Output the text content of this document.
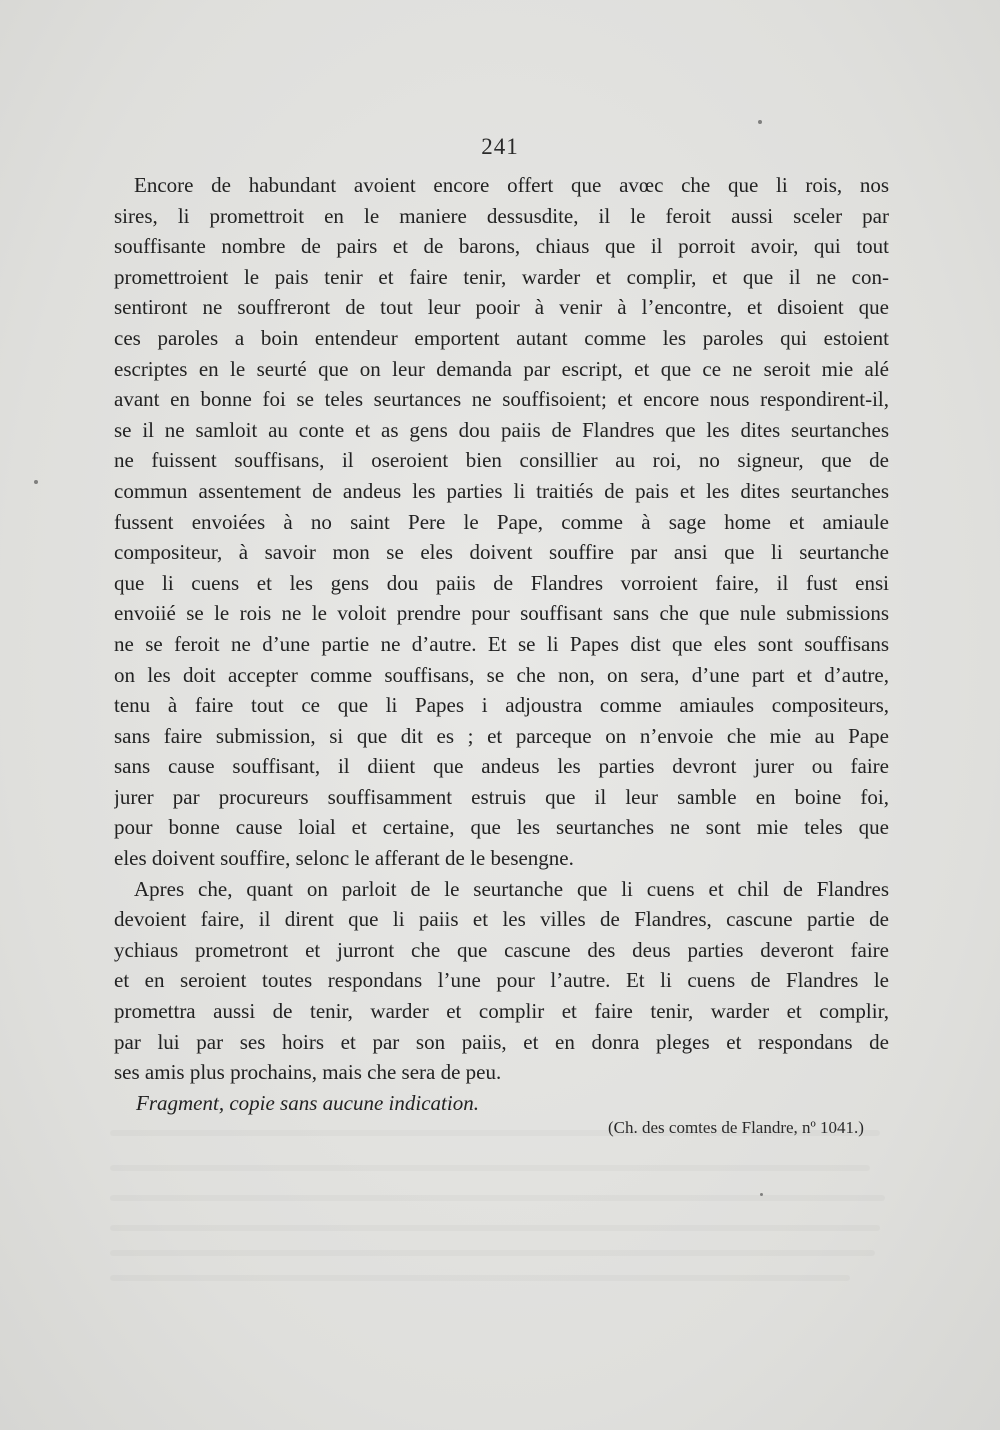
241
Encore de habundant avoient encore offert que avœc che que li rois, nos
sires, li promettroit en le maniere dessusdite, il le feroit aussi sceler par
souffisante nombre de pairs et de barons, chiaus que il porroit avoir, qui tout
promettroient le pais tenir et faire tenir, warder et complir, et que il ne con-
sentiront ne souffreront de tout leur pooir à venir à l’encontre, et disoient que
ces paroles a boin entendeur emportent autant comme les paroles qui estoient
escriptes en le seurté que on leur demanda par escript, et que ce ne seroit mie alé
avant en bonne foi se teles seurtances ne souffisoient; et encore nous respondirent-il,
se il ne samloit au conte et as gens dou paiis de Flandres que les dites seurtanches
ne fuissent souffisans, il oseroient bien consillier au roi, no signeur, que de
commun assentement de andeus les parties li traitiés de pais et les dites seurtanches
fussent envoiées à no saint Pere le Pape, comme à sage home et amiaule
compositeur, à savoir mon se eles doivent souffire par ansi que li seurtanche
que li cuens et les gens dou paiis de Flandres vorroient faire, il fust ensi
envoiié se le rois ne le voloit prendre pour souffisant sans che que nule submissions
ne se feroit ne d’une partie ne d’autre. Et se li Papes dist que eles sont souffisans
on les doit accepter comme souffisans, se che non, on sera, d’une part et d’autre,
tenu à faire tout ce que li Papes i adjoustra comme amiaules compositeurs,
sans faire submission, si que dit es ; et parceque on n’envoie che mie au Pape
sans cause souffisant, il diient que andeus les parties devront jurer ou faire
jurer par procureurs souffisamment estruis que il leur samble en boine foi,
pour bonne cause loial et certaine, que les seurtanches ne sont mie teles que
eles doivent souffire, selonc le afferant de le besengne.
Apres che, quant on parloit de le seurtanche que li cuens et chil de Flandres
devoient faire, il dirent que li paiis et les villes de Flandres, cascune partie de
ychiaus prometront et jurront che que cascune des deus parties deveront faire
et en seroient toutes respondans l’une pour l’autre. Et li cuens de Flandres le
promettra aussi de tenir, warder et complir et faire tenir, warder et complir,
par lui par ses hoirs et par son paiis, et en donra pleges et respondans de
ses amis plus prochains, mais che sera de peu.
Fragment, copie sans aucune indication.
(Ch. des comtes de Flandre, nº 1041.)
